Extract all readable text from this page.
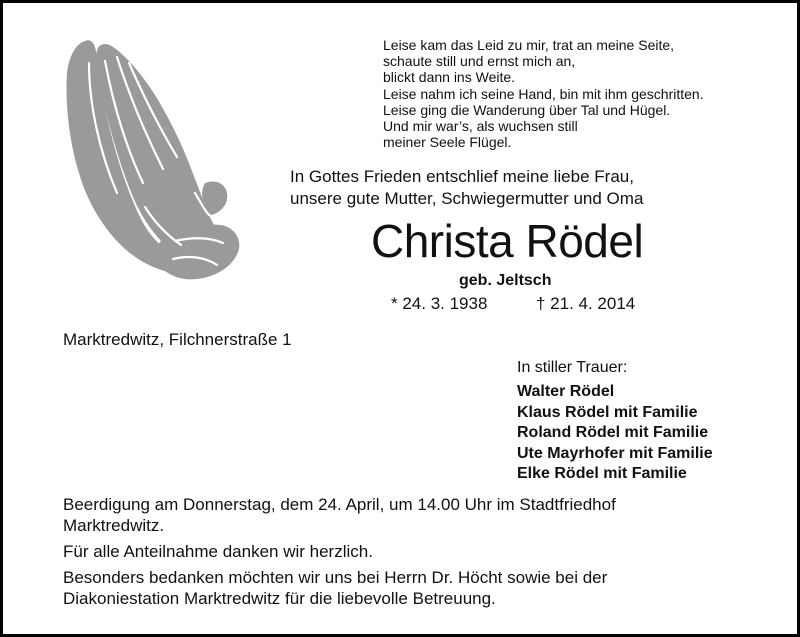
Leise kam das Leid zu mir, trat an meine Seite,
schaute still und ernst mich an,
blickt dann ins Weite.
Leise nahm ich seine Hand, bin mit ihm geschritten.
Leise ging die Wanderung über Tal und Hügel.
Und mir war’s, als wuchsen still
meiner Seele Flügel.
In Gottes Frieden entschlief meine liebe Frau,
unsere gute Mutter, Schwiegermutter und Oma
Christa Rödel
geb. Jeltsch
* 24. 3. 1938	† 21. 4. 2014
Marktredwitz, Filchnerstraße 1
In stiller Trauer:
Walter Rödel
Klaus Rödel mit Familie
Roland Rödel mit Familie
Ute Mayrhofer mit Familie
Elke Rödel mit Familie
Beerdigung am Donnerstag, dem 24. April, um 14.00 Uhr im Stadtfriedhof
Marktredwitz.
Für alle Anteilnahme danken wir herzlich.
Besonders bedanken möchten wir uns bei Herrn Dr. Höcht sowie bei der
Diakoniestation Marktredwitz für die liebevolle Betreuung.
